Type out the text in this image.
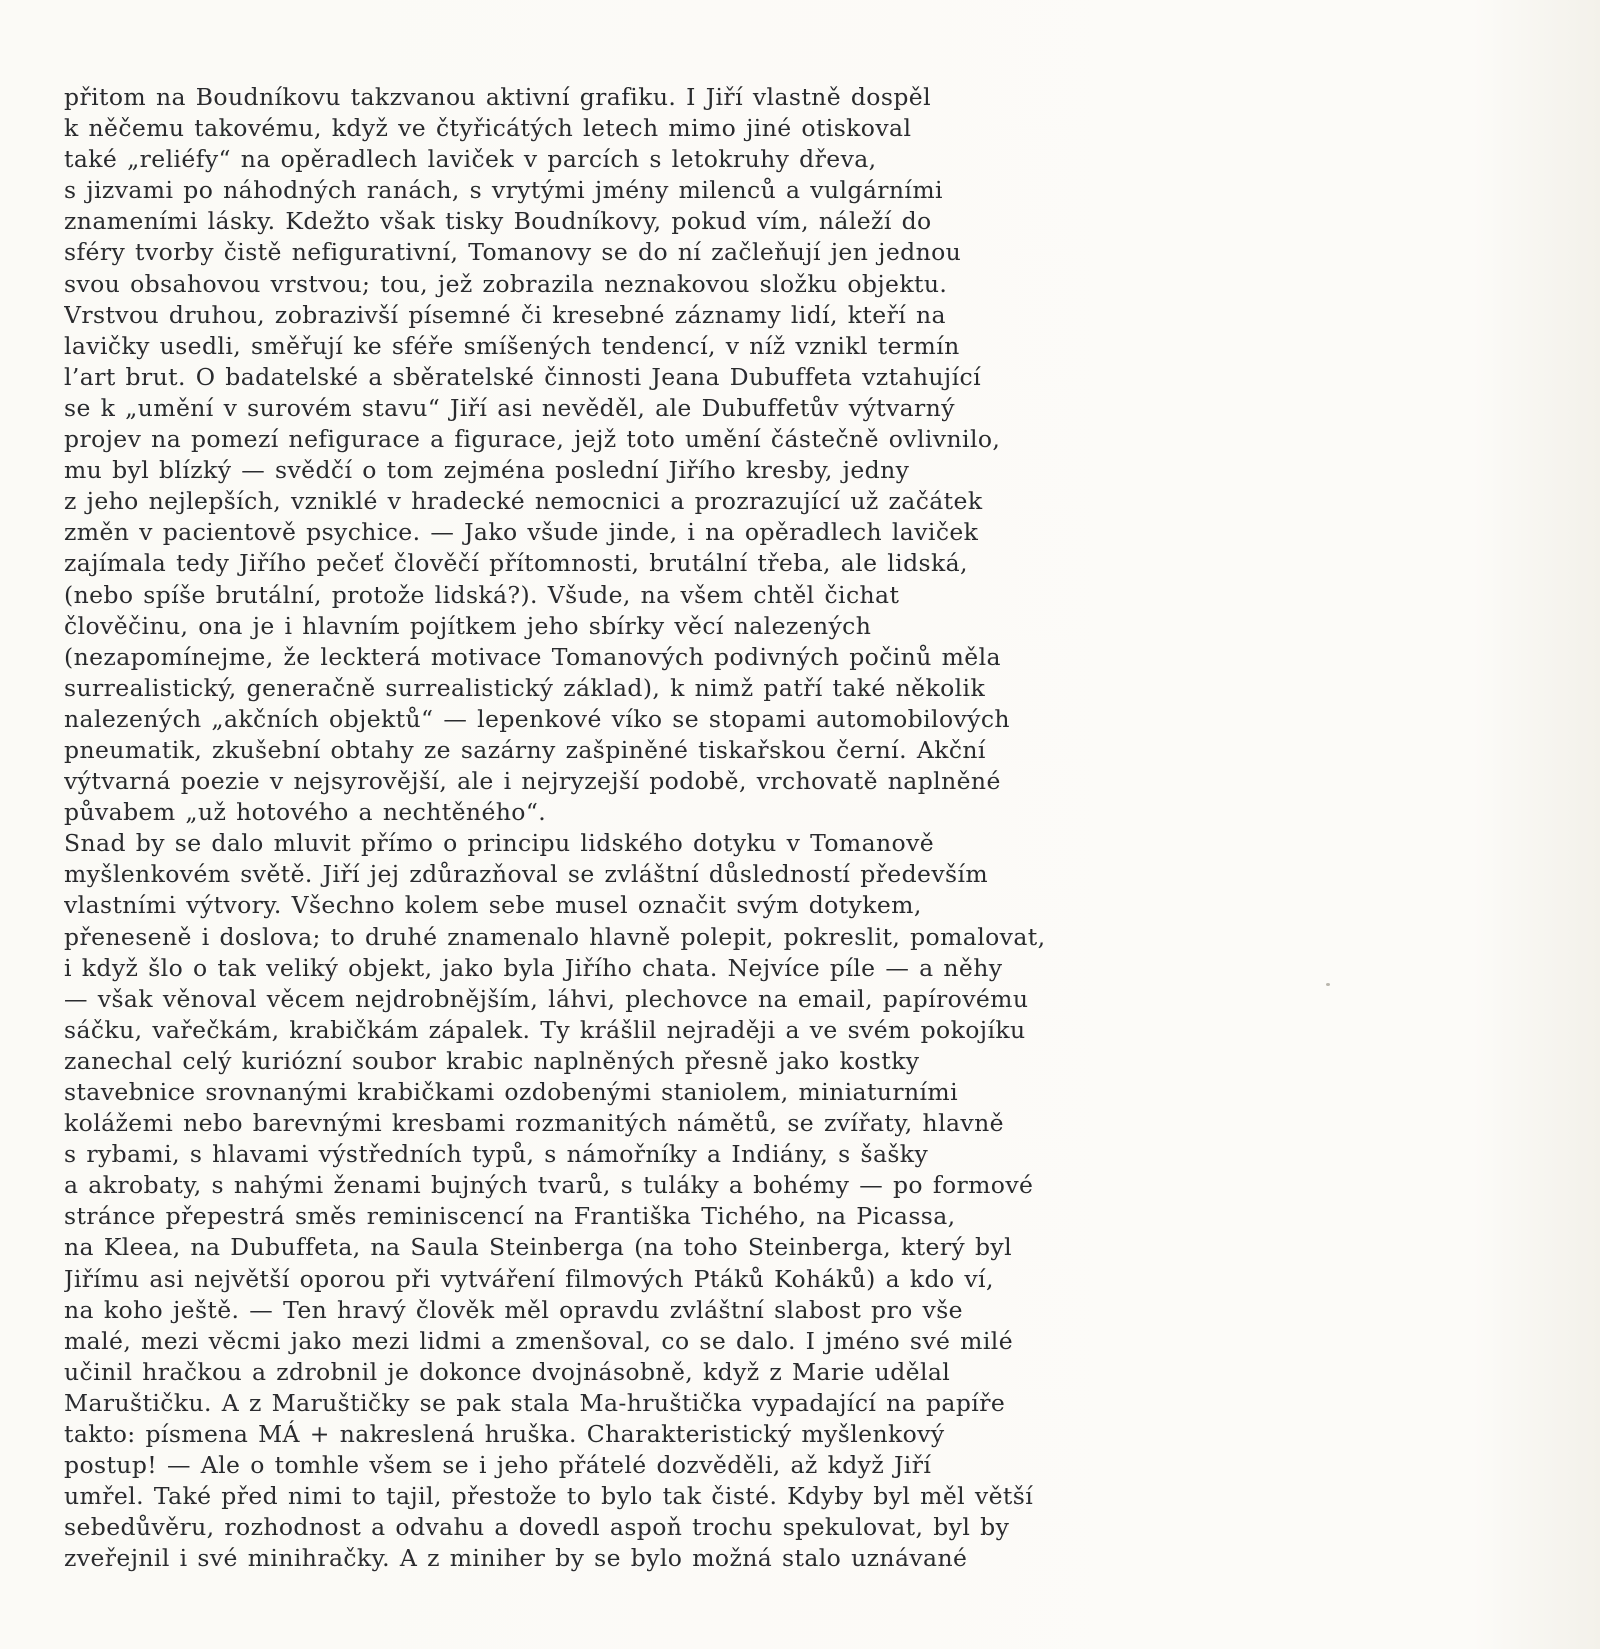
přitom na Boudníkovu takzvanou aktivní grafiku. I Jiří vlastně dospěl
k něčemu takovému, když ve čtyřicátých letech mimo jiné otiskoval
také „reliéfy“ na opěradlech laviček v parcích s letokruhy dřeva,
s jizvami po náhodných ranách, s vrytými jmény milenců a vulgárními
znameními lásky. Kdežto však tisky Boudníkovy, pokud vím, náleží do
sféry tvorby čistě nefigurativní, Tomanovy se do ní začleňují jen jednou
svou obsahovou vrstvou; tou, jež zobrazila neznakovou složku objektu.
Vrstvou druhou, zobrazivší písemné či kresebné záznamy lidí, kteří na
lavičky usedli, směřují ke sféře smíšených tendencí, v níž vznikl termín
l’art brut. O badatelské a sběratelské činnosti Jeana Dubuffeta vztahující
se k „umění v surovém stavu“ Jiří asi nevěděl, ale Dubuffetův výtvarný
projev na pomezí nefigurace a figurace, jejž toto umění částečně ovlivnilo,
mu byl blízký — svědčí o tom zejména poslední Jiřího kresby, jedny
z jeho nejlepších, vzniklé v hradecké nemocnici a prozrazující už začátek
změn v pacientově psychice. — Jako všude jinde, i na opěradlech laviček
zajímala tedy Jiřího pečeť člověčí přítomnosti, brutální třeba, ale lidská,
(nebo spíše brutální, protože lidská?). Všude, na všem chtěl čichat
člověčinu, ona je i hlavním pojítkem jeho sbírky věcí nalezených
(nezapomínejme, že leckterá motivace Tomanových podivných počinů měla
surrealistický, generačně surrealistický základ), k nimž patří také několik
nalezených „akčních objektů“ — lepenkové víko se stopami automobilových
pneumatik, zkušební obtahy ze sazárny zašpiněné tiskařskou černí. Akční
výtvarná poezie v nejsyrovější, ale i nejryzejší podobě, vrchovatě naplněné
půvabem „už hotového a nechtěného“.
Snad by se dalo mluvit přímo o principu lidského dotyku v Tomanově
myšlenkovém světě. Jiří jej zdůrazňoval se zvláštní důsledností především
vlastními výtvory. Všechno kolem sebe musel označit svým dotykem,
přeneseně i doslova; to druhé znamenalo hlavně polepit, pokreslit, pomalovat,
i když šlo o tak veliký objekt, jako byla Jiřího chata. Nejvíce píle — a něhy
— však věnoval věcem nejdrobnějším, láhvi, plechovce na email, papírovému
sáčku, vařečkám, krabičkám zápalek. Ty krášlil nejraději a ve svém pokojíku
zanechal celý kuriózní soubor krabic naplněných přesně jako kostky
stavebnice srovnanými krabičkami ozdobenými staniolem, miniaturními
kolážemi nebo barevnými kresbami rozmanitých námětů, se zvířaty, hlavně
s rybami, s hlavami výstředních typů, s námořníky a Indiány, s šašky
a akrobaty, s nahými ženami bujných tvarů, s tuláky a bohémy — po formové
stránce přepestrá směs reminiscencí na Františka Tichého, na Picassa,
na Kleea, na Dubuffeta, na Saula Steinberga (na toho Steinberga, který byl
Jiřímu asi největší oporou při vytváření filmových Ptáků Koháků) a kdo ví,
na koho ještě. — Ten hravý člověk měl opravdu zvláštní slabost pro vše
malé, mezi věcmi jako mezi lidmi a zmenšoval, co se dalo. I jméno své milé
učinil hračkou a zdrobnil je dokonce dvojnásobně, když z Marie udělal
Maruštičku. A z Maruštičky se pak stala Ma-hruštička vypadající na papíře
takto: písmena MÁ + nakreslená hruška. Charakteristický myšlenkový
postup! — Ale o tomhle všem se i jeho přátelé dozvěděli, až když Jiří
umřel. Také před nimi to tajil, přestože to bylo tak čisté. Kdyby byl měl větší
sebedůvěru, rozhodnost a odvahu a dovedl aspoň trochu spekulovat, byl by
zveřejnil i své minihračky. A z miniher by se bylo možná stalo uznávané
